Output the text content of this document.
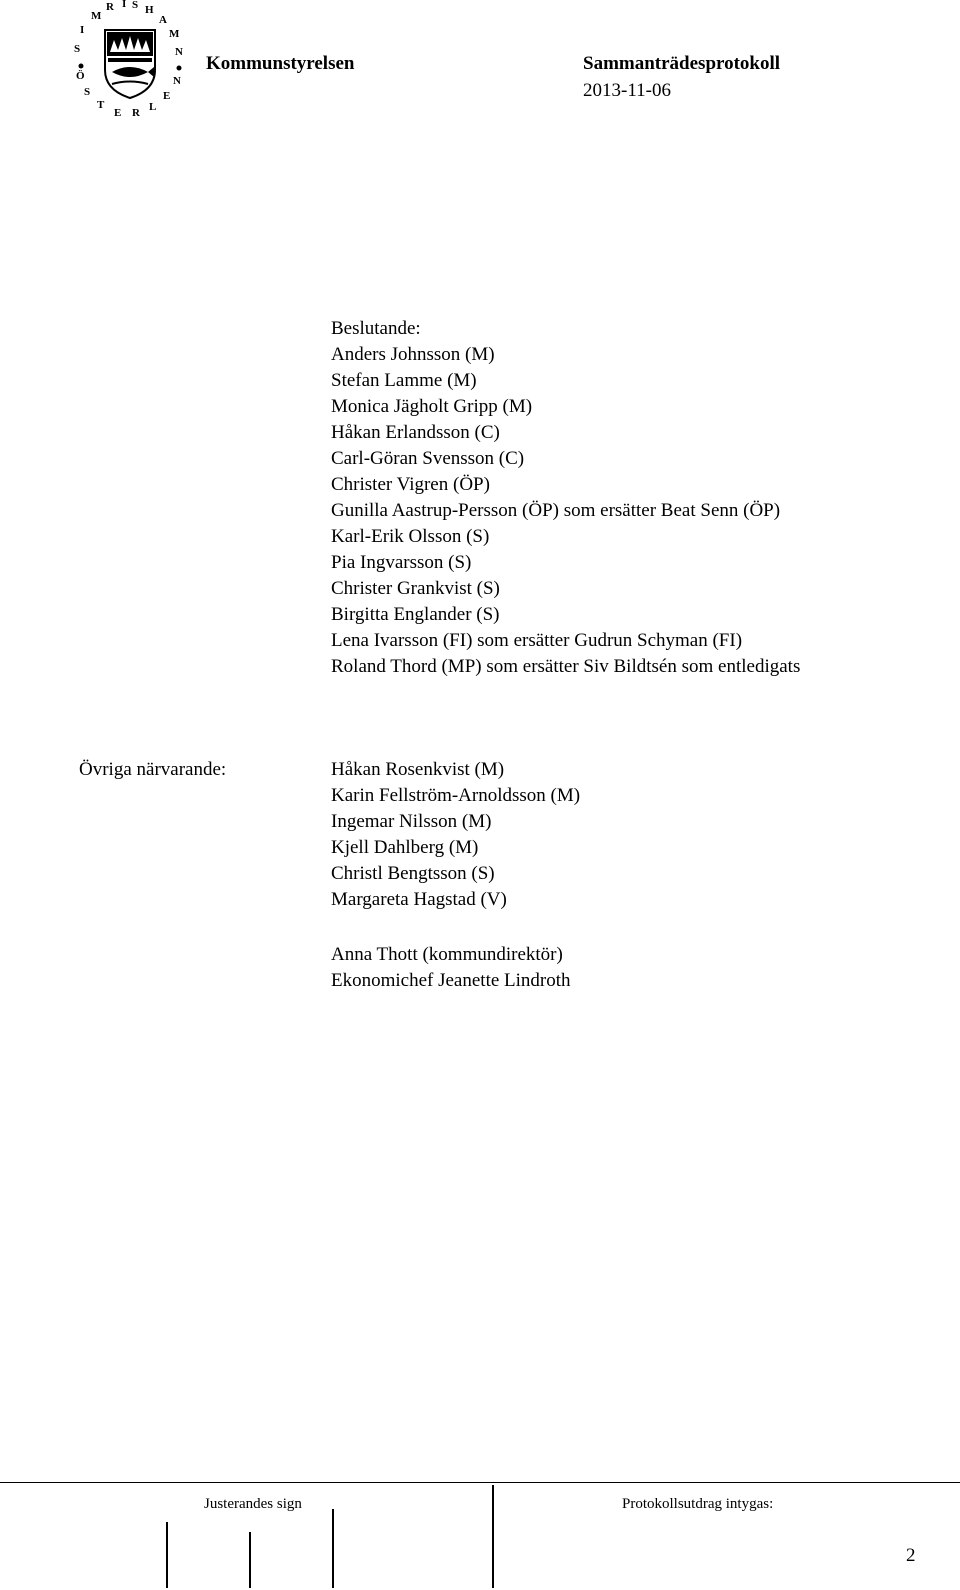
S
I
M
R I S H
A
M
N
Ö
S
T
E R L
E
N
Kommunstyrelsen	Sammanträdesprotokoll
2013-11-06
Beslutande:
Anders Johnsson (M)
Stefan Lamme (M)
Monica Jägholt Gripp (M)
Håkan Erlandsson (C)
Carl-Göran Svensson (C)
Christer Vigren (ÖP)
Gunilla Aastrup-Persson (ÖP) som ersätter Beat Senn (ÖP)
Karl-Erik Olsson (S)
Pia Ingvarsson (S)
Christer Grankvist (S)
Birgitta Englander (S)
Lena Ivarsson (FI) som ersätter Gudrun Schyman (FI)
Roland Thord (MP) som ersätter Siv Bildtsén som entledigats
Övriga närvarande:	Håkan Rosenkvist (M)
Karin Fellström-Arnoldsson (M)
Ingemar Nilsson (M)
Kjell Dahlberg (M)
Christl Bengtsson (S)
Margareta Hagstad (V)
Anna Thott (kommundirektör)
Ekonomichef Jeanette Lindroth
Justerandes sign	Protokollsutdrag intygas:
2
